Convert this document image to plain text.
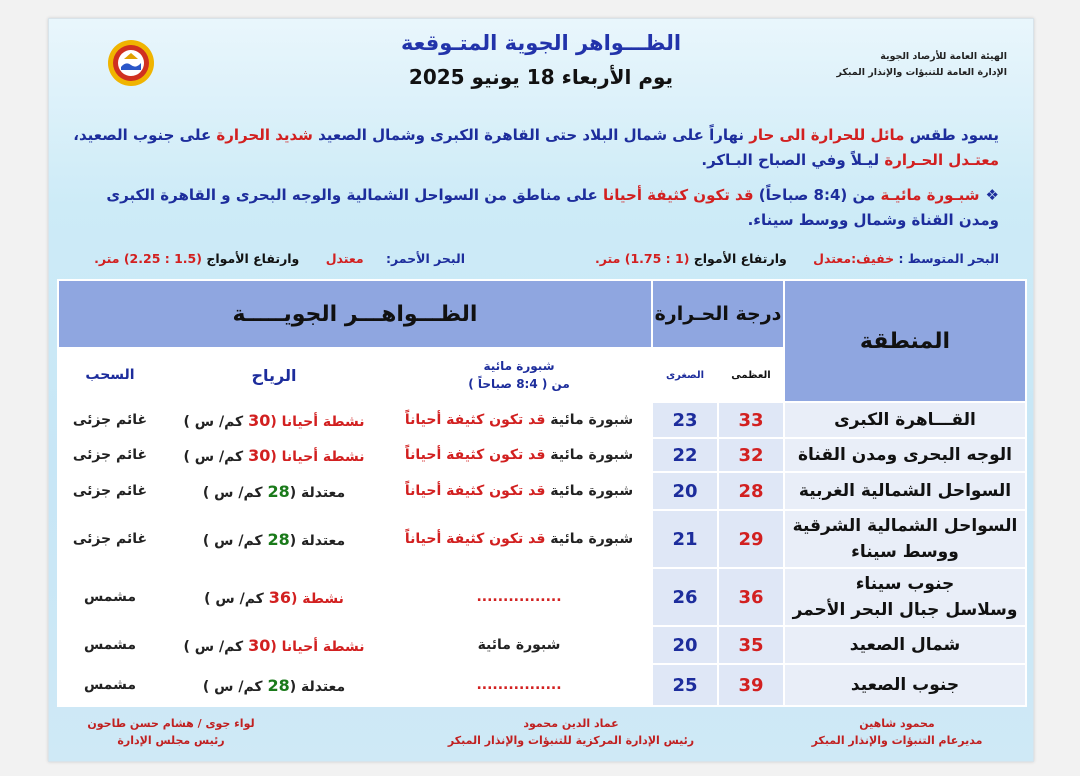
الظـــواهر الجوية المتـوقعة
يوم الأربعاء 18 يونيو 2025
الهيئة العامة للأرصاد الجوية
الإدارة العامة للتنبؤات والإنذار المبكر
يسود طقس مائل للحرارة الى حار نهاراً على شمال البلاد حتى القاهرة الكبرى وشمال الصعيد شديد الحرارة على جنوب الصعيد،
معتـدل الحـرارة ليـلاً وفي الصباح البـاكر.
❖شبـورة مائيـة من (8:4 صباحاً) قد تكون كثيفة أحيانا على مناطق من السواحل الشمالية والوجه البحرى و القاهرة الكبرى
ومدن القناة وشمال ووسط سيناء.
البحر المتوسط : خفيف:معتدل وارتفاع الأمواج (1 : 1.75) متر.
البحر الأحمر: معتدل وارتفاع الأمواج (1.5 : 2.25) متر.
المنطقة	درجة الحـرارة		الظـــواهـــر الجويـــــة		
	العظمى	الصغرى	شبورة مائية
من ( 8:4 صباحاً )	الرياح	السحب

القـــاهرة الكبرى	33	23	شبورة مائية قد تكون كثيفة أحياناً	نشطة أحيانا (30 كم/ س )	غائم جزئى

الوجه البحرى ومدن القناة	32	22	شبورة مائية قد تكون كثيفة أحياناً	نشطة أحيانا (30 كم/ س )	غائم جزئى

السواحل الشمالية الغربية	28	20	شبورة مائية قد تكون كثيفة أحياناً	معتدلة (28 كم/ س )	غائم جزئى

السواحل الشمالية الشرقية
ووسط سيناء	29	21	شبورة مائية قد تكون كثيفة أحياناً	معتدلة (28 كم/ س )	غائم جزئى

جنوب سيناء
وسلاسل جبال البحر الأحمر	36	26	................	نشطة (36 كم/ س )	مشمس

شمال الصعيد	35	20	شبورة مائية	نشطة أحيانا (30 كم/ س )	مشمس

جنوب الصعيد	39	25	................	معتدلة (28 كم/ س )	مشمس
محمود شاهين
مديرعام التنبؤات والإنذار المبكر
عماد الدين محمود
رئيس الإدارة المركزية للتنبؤات والإنذار المبكر
لواء جوى / هشام حسن طاحون
رئيس مجلس الإدارة
